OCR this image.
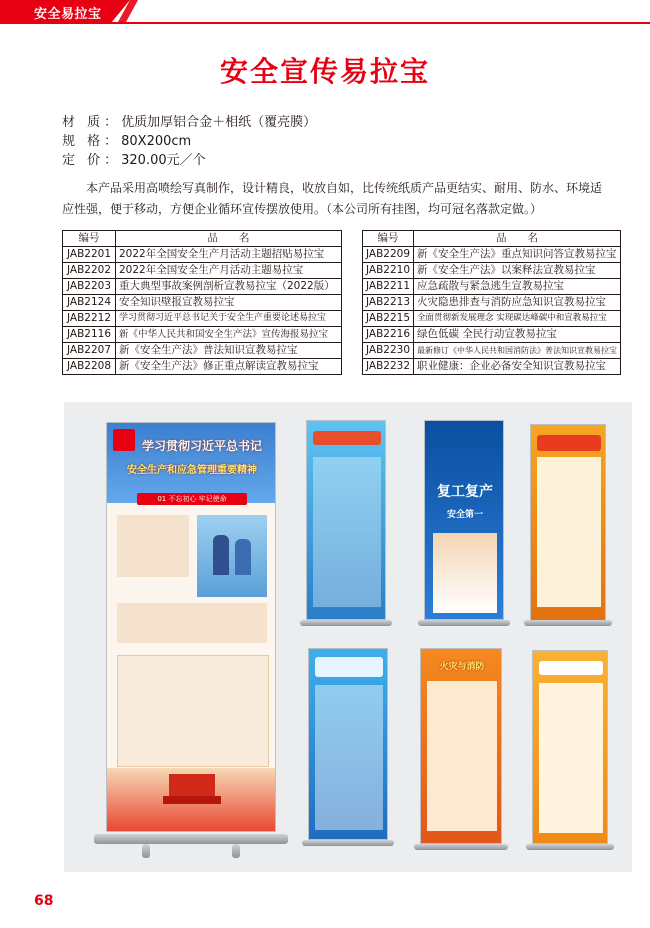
安全易拉宝
安全宣传易拉宝
材 质：优质加厚铝合金＋相纸（覆亮膜）
规 格：80X200cm
定 价：320.00元／个
本产品采用高喷绘写真制作，设计精良，收放自如，比传统纸质产品更结实、耐用、防水、环境适应性强，便于移动，方便企业循环宣传摆放使用。（本公司所有挂图，均可冠名落款定做。）
编号	品　　名
JAB2201	2022年全国安全生产月活动主题招贴易拉宝
JAB2202	2022年全国安全生产月活动主题易拉宝
JAB2203	重大典型事故案例剖析宣教易拉宝（2022版）
JAB2124	安全知识壁报宣教易拉宝
JAB2212	学习贯彻习近平总书记关于安全生产重要论述易拉宝
JAB2116	新《中华人民共和国安全生产法》宣传海报易拉宝
JAB2207	新《安全生产法》普法知识宣教易拉宝
JAB2208	新《安全生产法》修正重点解读宣教易拉宝
编号	品　　名
JAB2209	新《安全生产法》重点知识问答宣教易拉宝
JAB2210	新《安全生产法》以案释法宣教易拉宝
JAB2211	应急疏散与紧急逃生宣教易拉宝
JAB2213	火灾隐患排查与消防应急知识宣教易拉宝
JAB2215	全面贯彻新发展理念 实现碳达峰碳中和宣教易拉宝
JAB2216	绿色低碳 全民行动宣教易拉宝
JAB2230	最新修订《中华人民共和国消防法》普法知识宣教易拉宝
JAB2232	职业健康：企业必备安全知识宣教易拉宝
学习贯彻习近平总书记
安全生产和应急管理重要精神
01 不忘初心 牢记使命	复工复产
安全第一
火灾与消防
68
